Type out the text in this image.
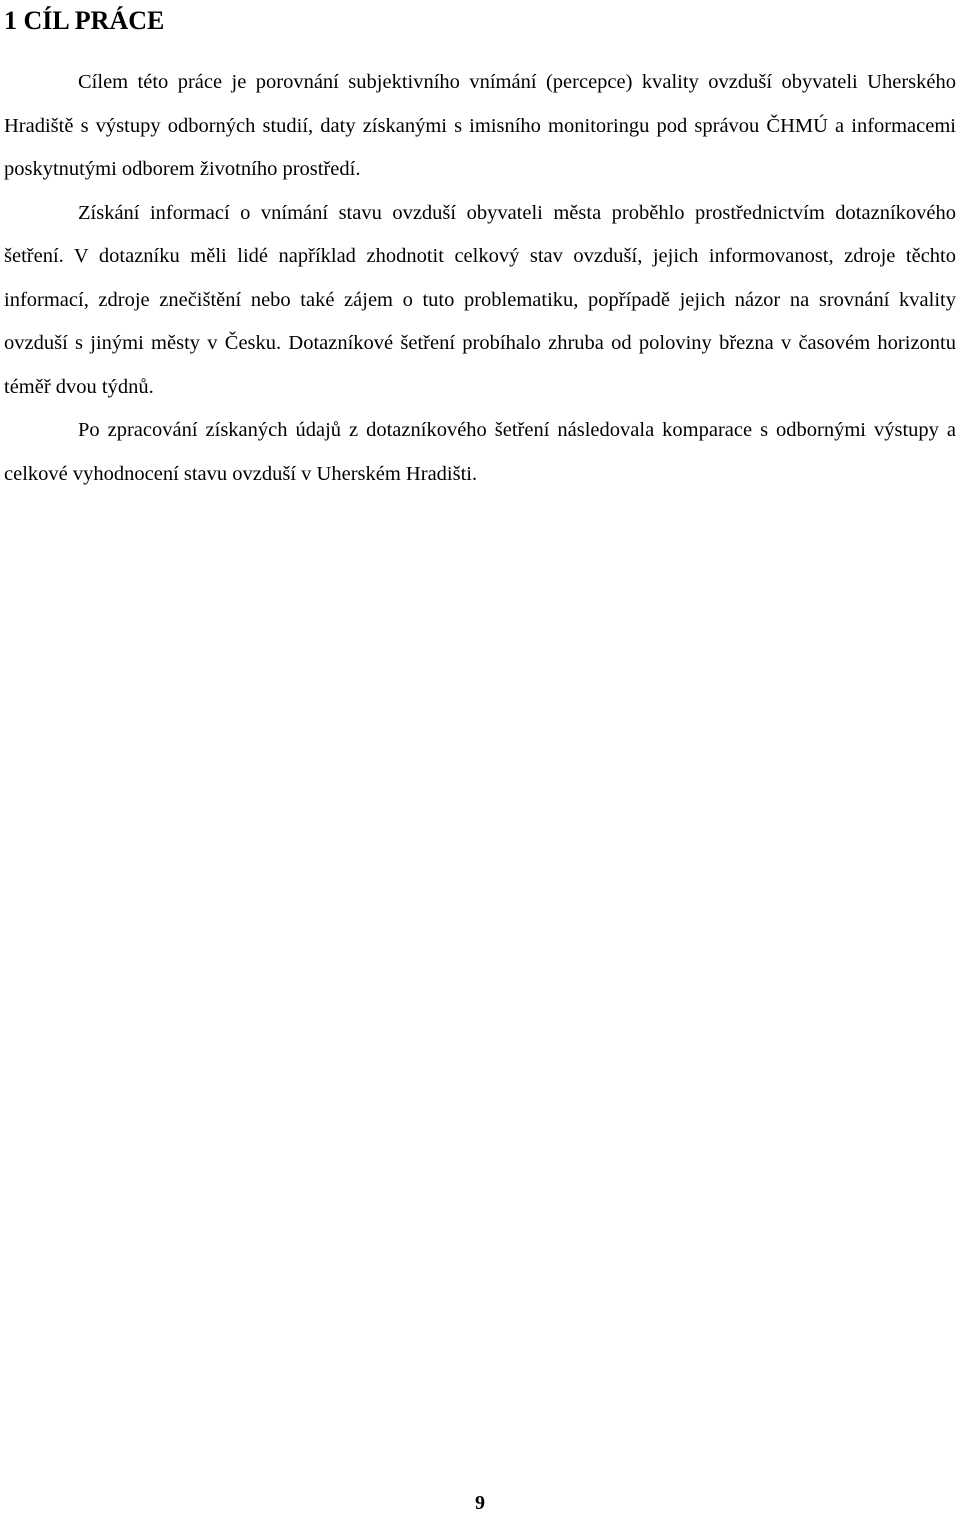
1 CÍL PRÁCE

Cílem této práce je porovnání subjektivního vnímání (percepce) kvality ovzduší obyvateli Uherského Hradiště s výstupy odborných studií, daty získanými s imisního monitoringu pod správou ČHMÚ a informacemi poskytnutými odborem životního prostředí.

Získání informací o vnímání stavu ovzduší obyvateli města proběhlo prostřednictvím dotazníkového šetření. V dotazníku měli lidé například zhodnotit celkový stav ovzduší, jejich informovanost, zdroje těchto informací, zdroje znečištění nebo také zájem o tuto problematiku, popřípadě jejich názor na srovnání kvality ovzduší s jinými městy v Česku. Dotazníkové šetření probíhalo zhruba od poloviny března v časovém horizontu téměř dvou týdnů.

Po zpracování získaných údajů z dotazníkového šetření následovala komparace s odbornými výstupy a celkové vyhodnocení stavu ovzduší v Uherském Hradišti.

9
